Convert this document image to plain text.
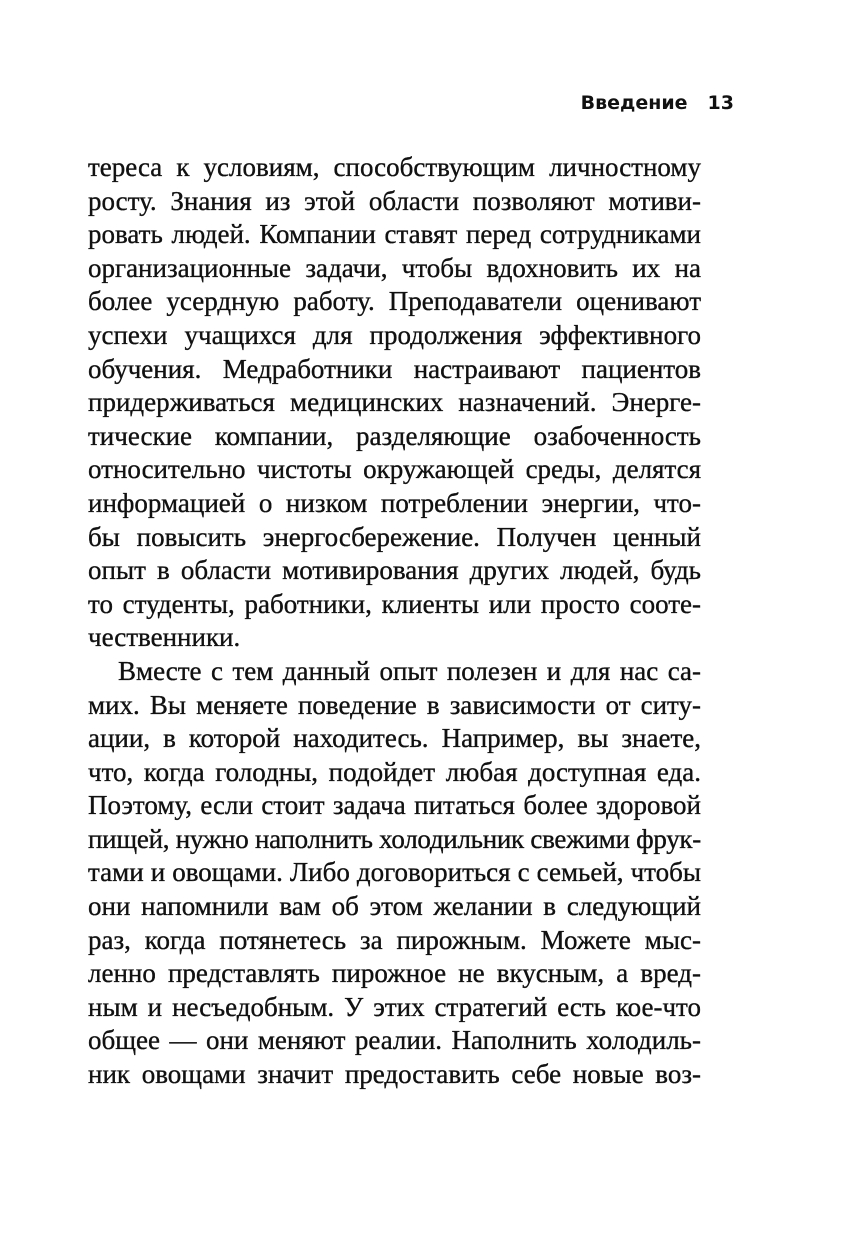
Введение 13
тереса к условиям, способствующим личностному
росту. Знания из этой области позволяют мотиви-
ровать людей. Компании ставят перед сотрудниками
организационные задачи, чтобы вдохновить их на
более усердную работу. Преподаватели оценивают
успехи учащихся для продолжения эффективного
обучения. Медработники настраивают пациентов
придерживаться медицинских назначений. Энерге-
тические компании, разделяющие озабоченность
относительно чистоты окружающей среды, делятся
информацией о низком потреблении энергии, что-
бы повысить энергосбережение. Получен ценный
опыт в области мотивирования других людей, будь
то студенты, работники, клиенты или просто сооте-
чественники.
Вместе с тем данный опыт полезен и для нас са-
мих. Вы меняете поведение в зависимости от ситу-
ации, в которой находитесь. Например, вы знаете,
что, когда голодны, подойдет любая доступная еда.
Поэтому, если стоит задача питаться более здоровой
пищей, нужно наполнить холодильник свежими фрук-
тами и овощами. Либо договориться с семьей, чтобы
они напомнили вам об этом желании в следующий
раз, когда потянетесь за пирожным. Можете мыс-
ленно представлять пирожное не вкусным, а вред-
ным и несъедобным. У этих стратегий есть кое-что
общее — они меняют реалии. Наполнить холодиль-
ник овощами значит предоставить себе новые воз-
